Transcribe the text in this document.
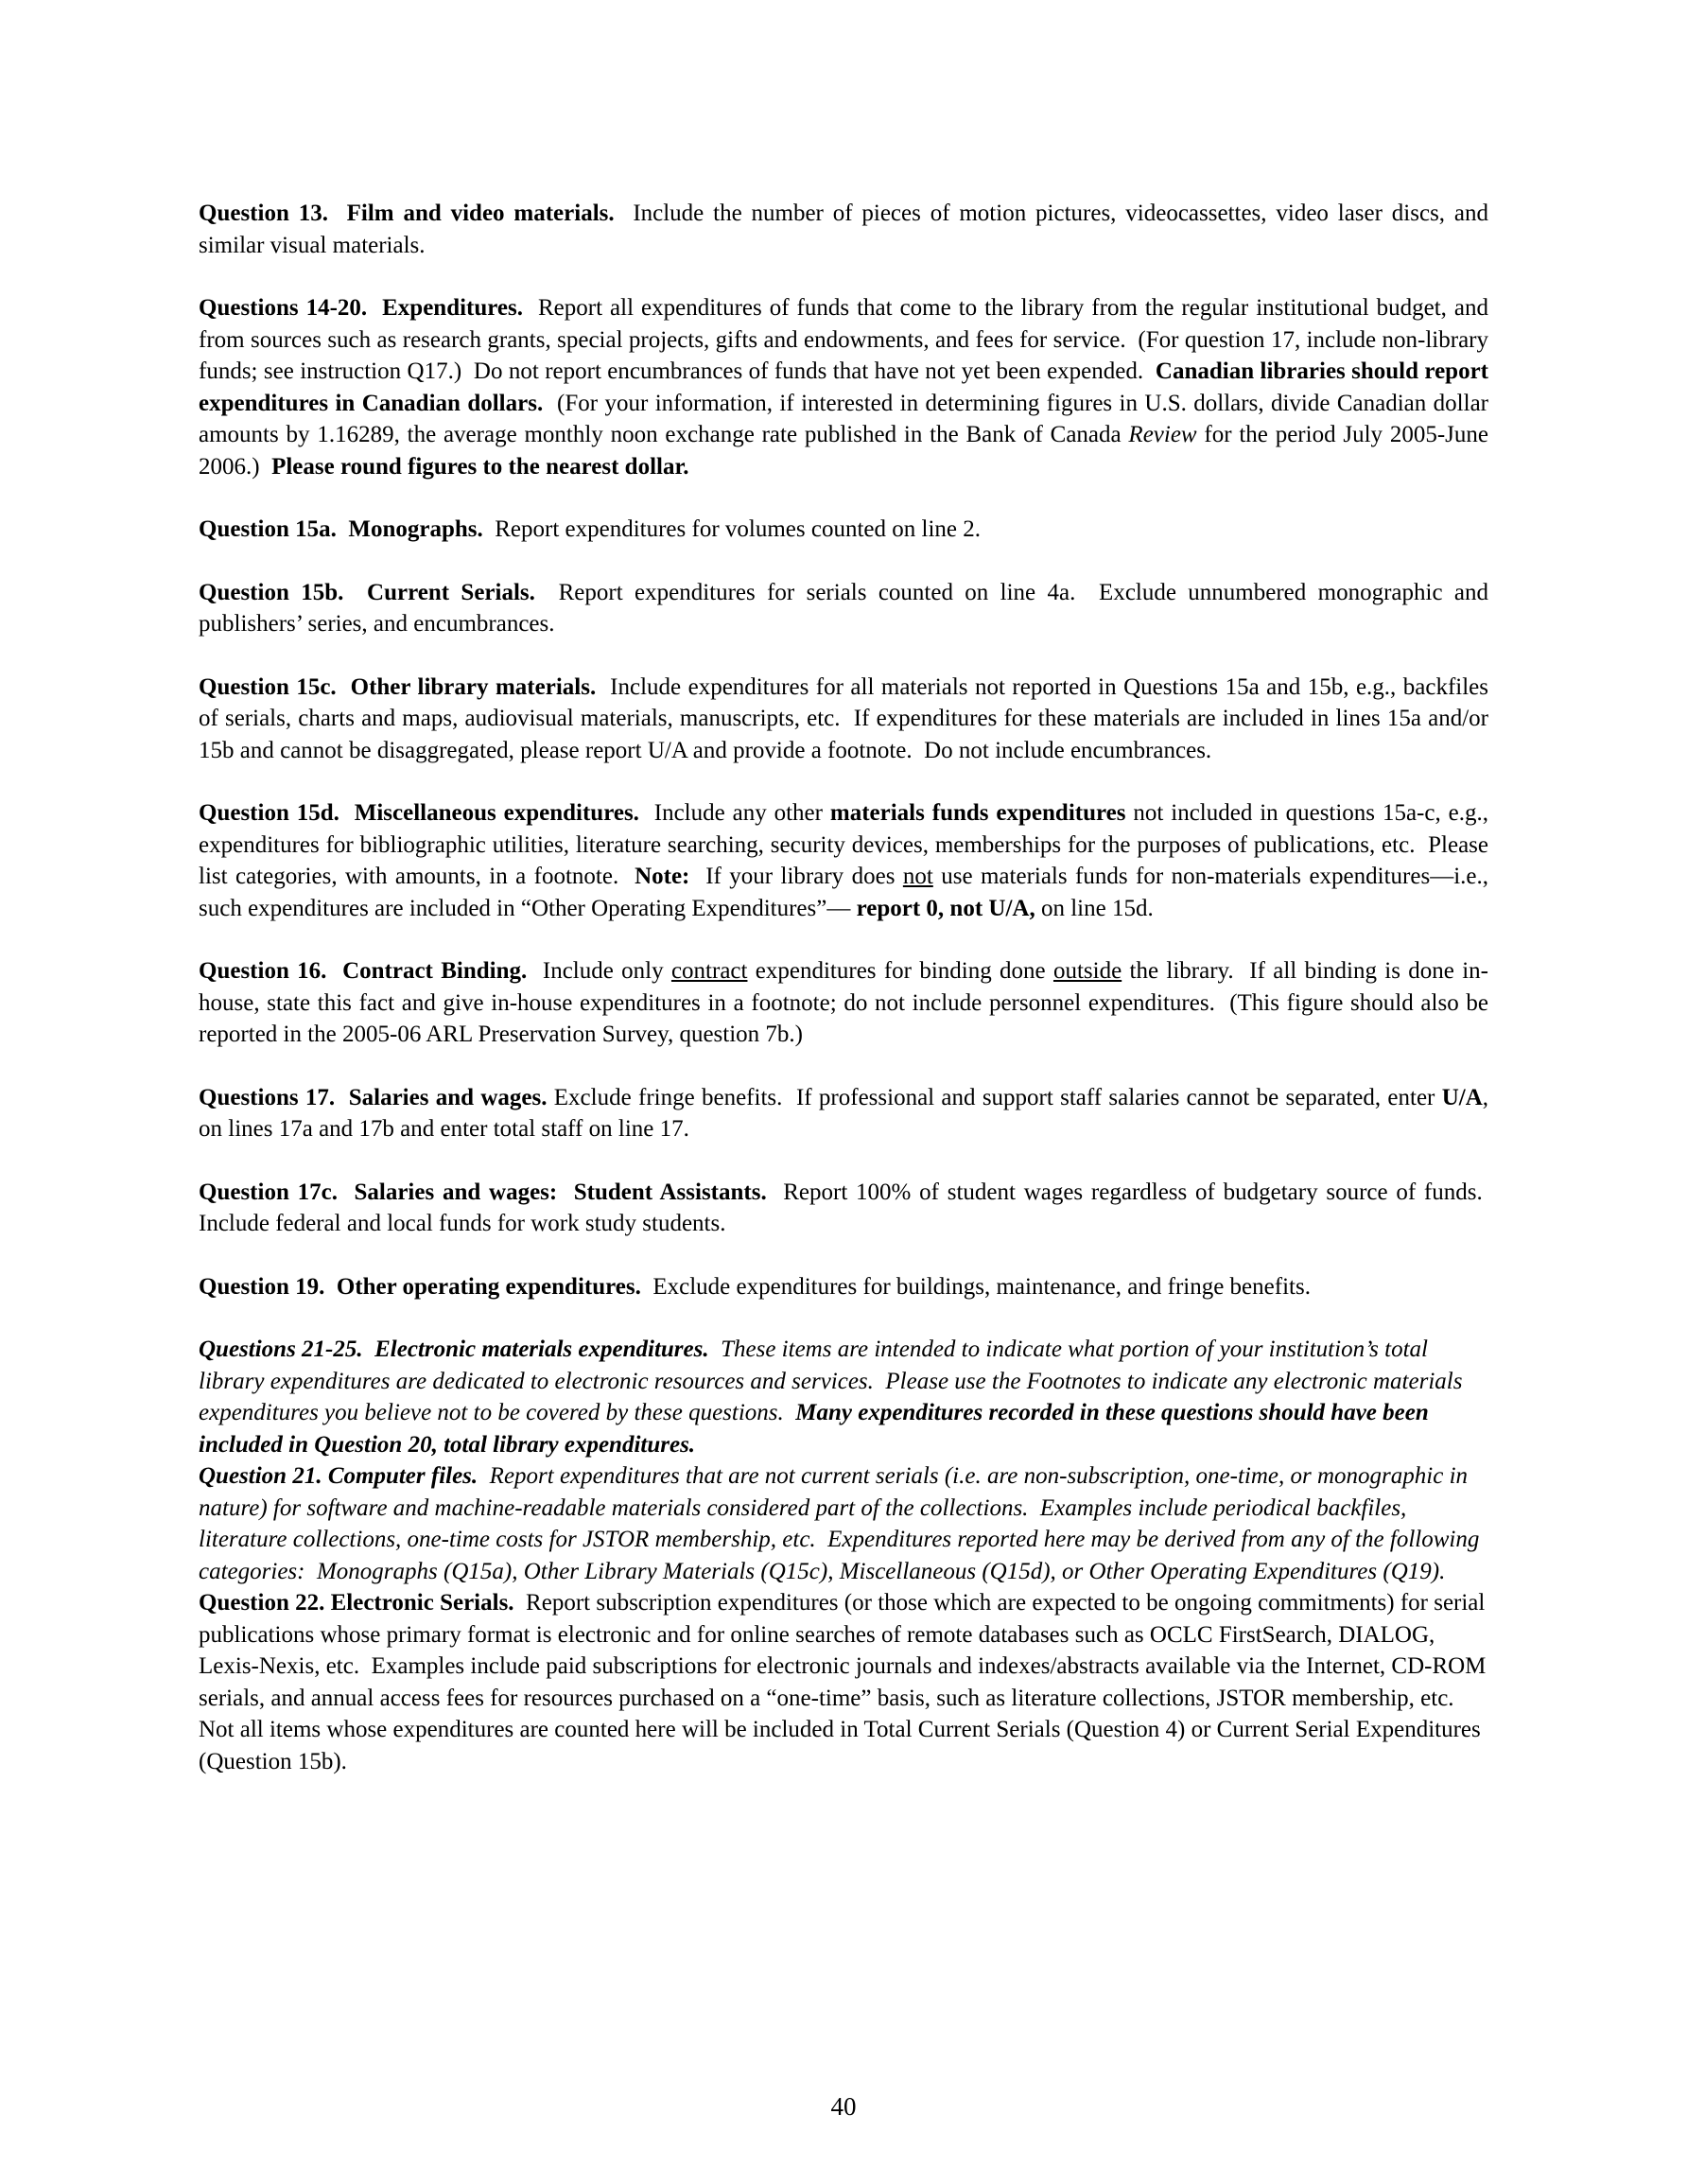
Question 13.  Film and video materials.  Include the number of pieces of motion pictures, videocassettes, video laser discs, and similar visual materials.

Questions 14-20.  Expenditures.  Report all expenditures of funds that come to the library from the regular institutional budget, and from sources such as research grants, special projects, gifts and endowments, and fees for service.  (For question 17, include non-library funds; see instruction Q17.)  Do not report encumbrances of funds that have not yet been expended.  Canadian libraries should report expenditures in Canadian dollars.  (For your information, if interested in determining figures in U.S. dollars, divide Canadian dollar amounts by 1.16289, the average monthly noon exchange rate published in the Bank of Canada Review for the period July 2005-June 2006.)  Please round figures to the nearest dollar.

Question 15a.  Monographs.  Report expenditures for volumes counted on line 2.

Question 15b.  Current Serials.  Report expenditures for serials counted on line 4a.  Exclude unnumbered monographic and publishers’ series, and encumbrances.

Question 15c.  Other library materials.  Include expenditures for all materials not reported in Questions 15a and 15b, e.g., backfiles of serials, charts and maps, audiovisual materials, manuscripts, etc.  If expenditures for these materials are included in lines 15a and/or 15b and cannot be disaggregated, please report U/A and provide a footnote.  Do not include encumbrances.

Question 15d.  Miscellaneous expenditures.  Include any other materials funds expenditures not included in questions 15a-c, e.g., expenditures for bibliographic utilities, literature searching, security devices, memberships for the purposes of publications, etc.  Please list categories, with amounts, in a footnote.  Note:  If your library does not use materials funds for non-materials expenditures—i.e., such expenditures are included in “Other Operating Expenditures”— report 0, not U/A, on line 15d.

Question 16.  Contract Binding.  Include only contract expenditures for binding done outside the library.  If all binding is done in-house, state this fact and give in-house expenditures in a footnote; do not include personnel expenditures.  (This figure should also be reported in the 2005-06 ARL Preservation Survey, question 7b.)

Questions 17.  Salaries and wages. Exclude fringe benefits.  If professional and support staff salaries cannot be separated, enter U/A, on lines 17a and 17b and enter total staff on line 17.

Question 17c.  Salaries and wages:  Student Assistants.  Report 100% of student wages regardless of budgetary source of funds.  Include federal and local funds for work study students.

Question 19.  Other operating expenditures.  Exclude expenditures for buildings, maintenance, and fringe benefits.

Questions 21-25.  Electronic materials expenditures.  These items are intended to indicate what portion of your institution’s total library expenditures are dedicated to electronic resources and services.  Please use the Footnotes to indicate any electronic materials expenditures you believe not to be covered by these questions.  Many expenditures recorded in these questions should have been included in Question 20, total library expenditures.

Question 21. Computer files.  Report expenditures that are not current serials (i.e. are non-subscription, one-time, or monographic in nature) for software and machine-readable materials considered part of the collections.  Examples include periodical backfiles, literature collections, one-time costs for JSTOR membership, etc.  Expenditures reported here may be derived from any of the following categories:  Monographs (Q15a), Other Library Materials (Q15c), Miscellaneous (Q15d), or Other Operating Expenditures (Q19).

Question 22. Electronic Serials.  Report subscription expenditures (or those which are expected to be ongoing commitments) for serial publications whose primary format is electronic and for online searches of remote databases such as OCLC FirstSearch, DIALOG, Lexis-Nexis, etc.  Examples include paid subscriptions for electronic journals and indexes/abstracts available via the Internet, CD-ROM serials, and annual access fees for resources purchased on a “one-time” basis, such as literature collections, JSTOR membership, etc.  Not all items whose expenditures are counted here will be included in Total Current Serials (Question 4) or Current Serial Expenditures (Question 15b).

40
